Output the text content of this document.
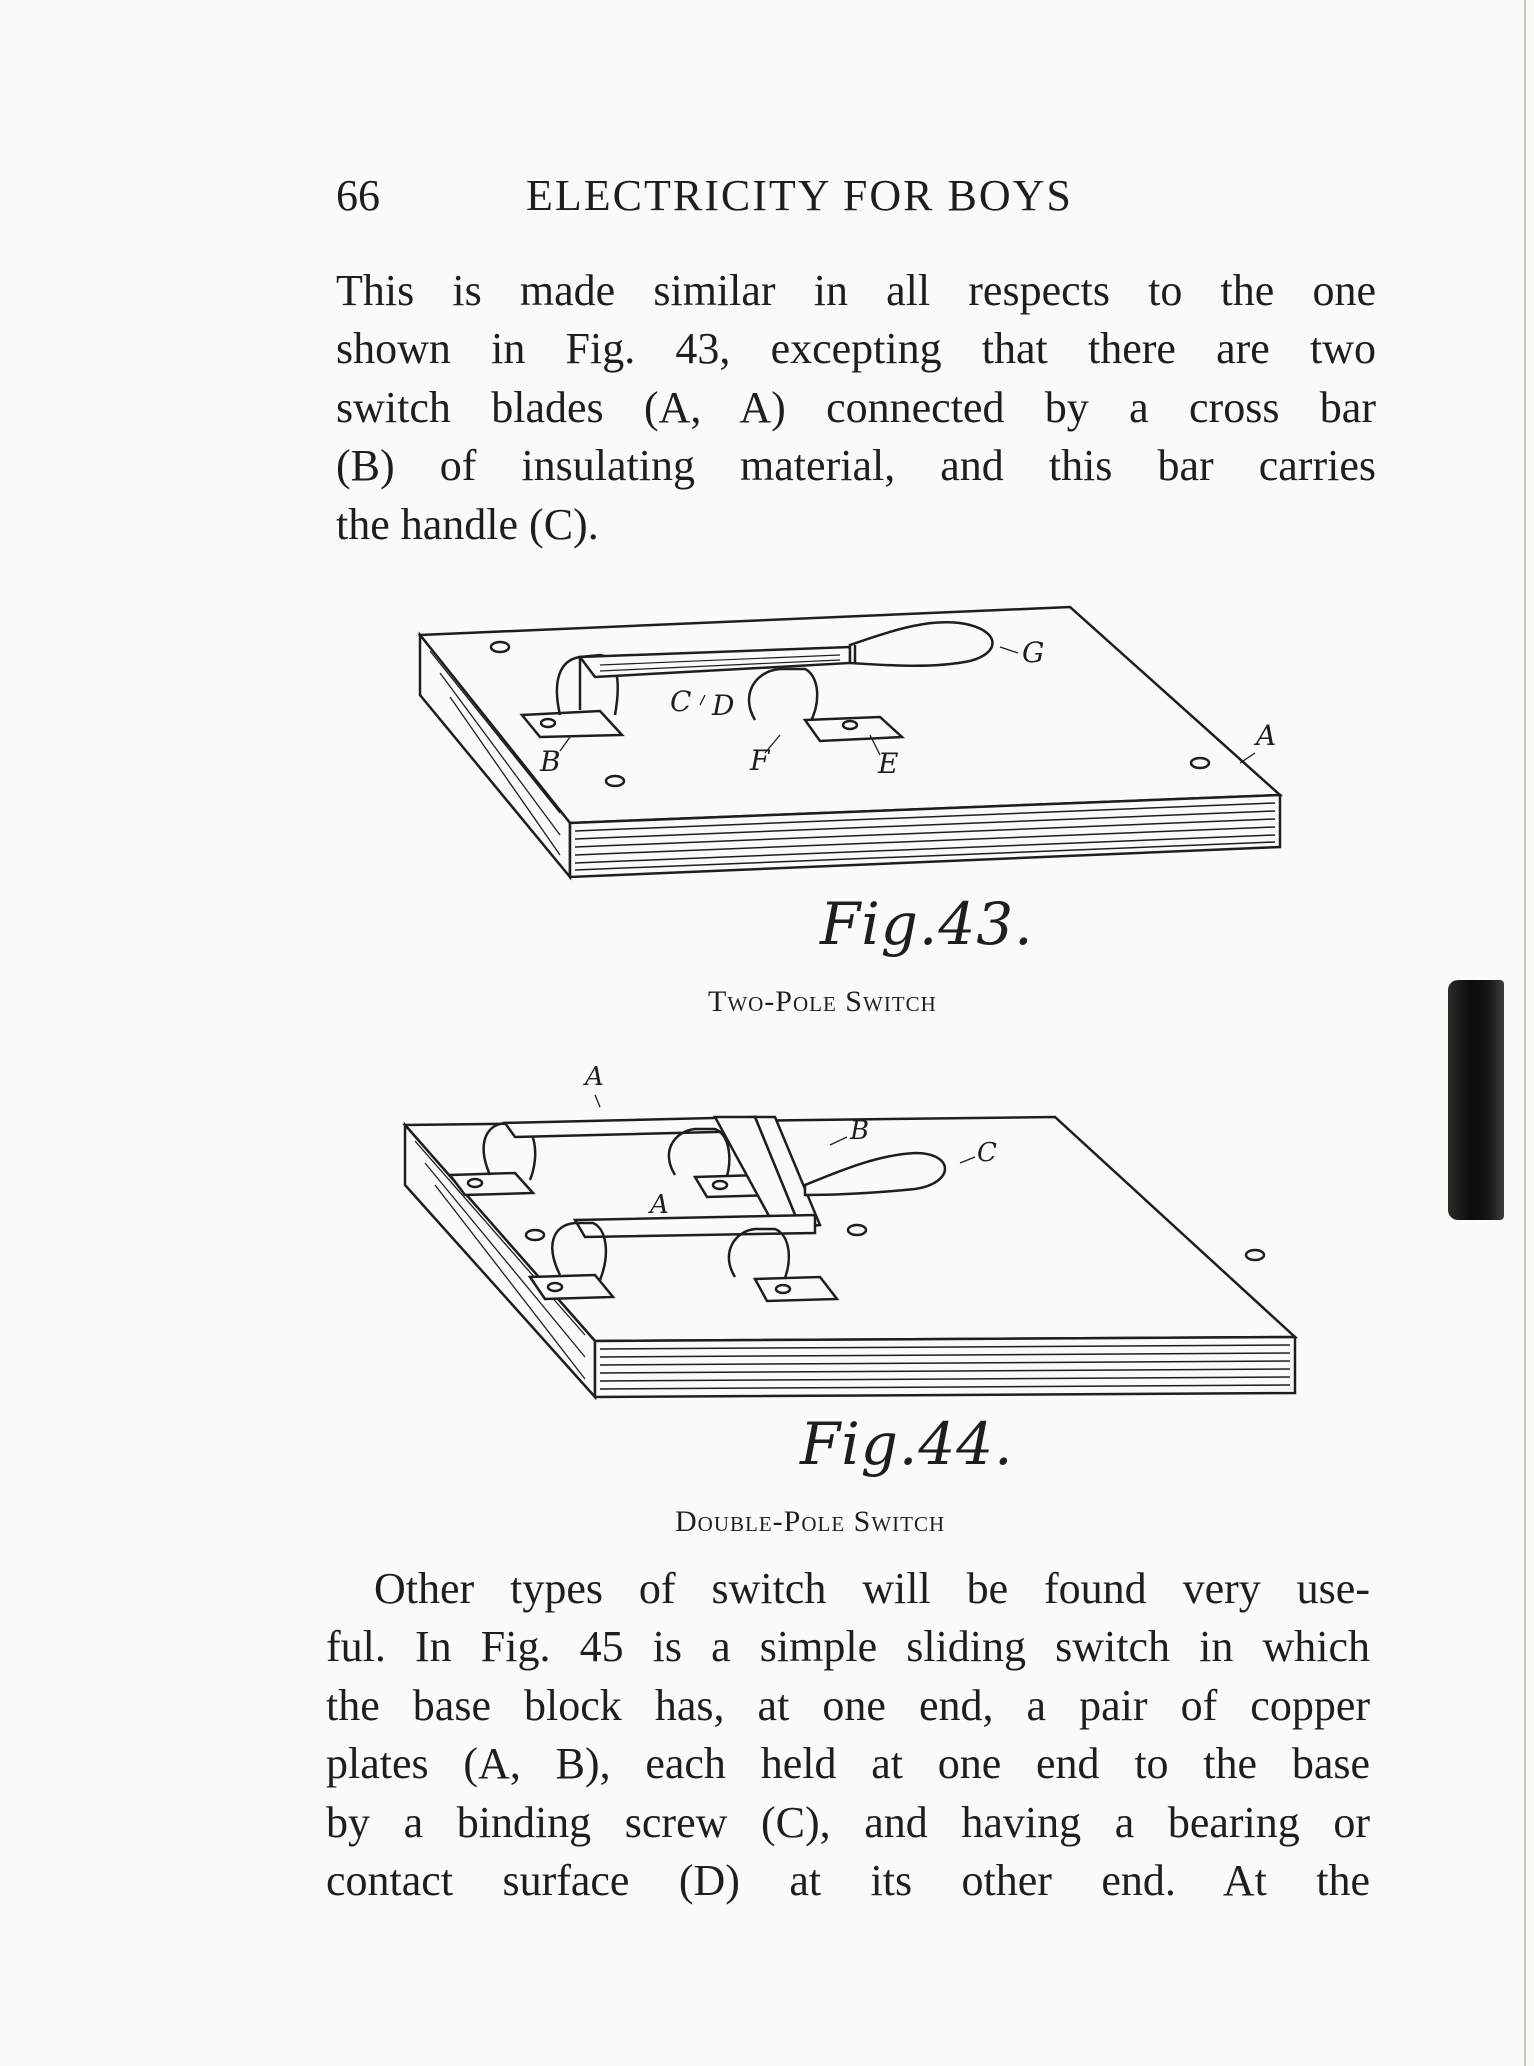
66	ELECTRICITY FOR BOYS

This is made similar in all respects to the one
shown in Fig. 43, excepting that there are two
switch blades (A, A) connected by a cross bar
(B) of insulating material, and this bar carries
the handle (C).

G
C D
F	E
B
A
Fig.43.
Two-Pole Switch
A
B
C
A
Fig.44.
Double-Pole Switch

Other types of switch will be found very use-
ful. In Fig. 45 is a simple sliding switch in which
the base block has, at one end, a pair of copper
plates (A, B), each held at one end to the base
by a binding screw (C), and having a bearing or
contact surface (D) at its other end. At the
